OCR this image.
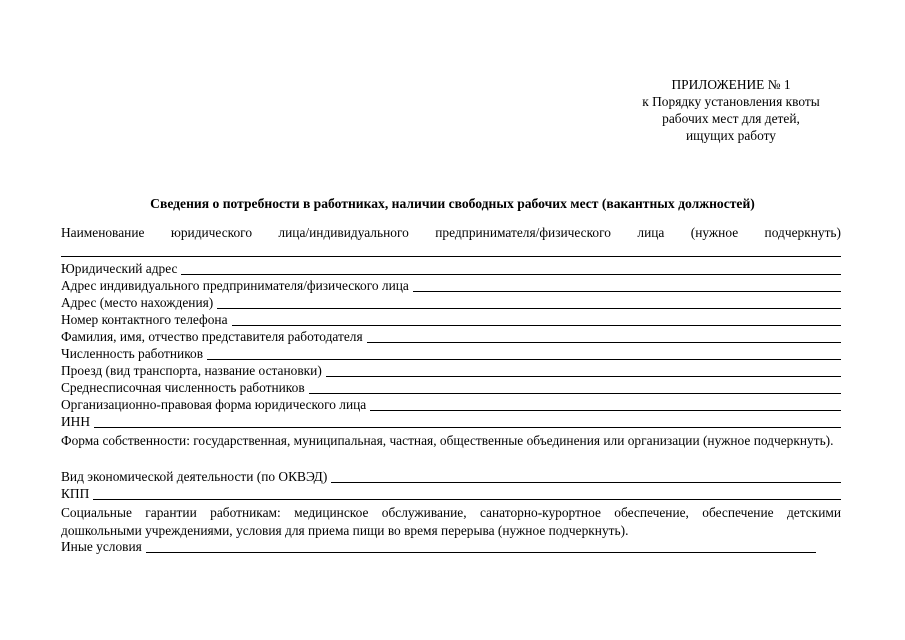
ПРИЛОЖЕНИЕ № 1
к Порядку установления квоты
рабочих мест для детей,
ищущих работу
Сведения о потребности в работниках, наличии свободных рабочих мест (вакантных должностей)
Наименование юридического лица/индивидуального предпринимателя/физического лица (нужное подчеркнуть)
Юридический адрес
Адрес индивидуального предпринимателя/физического лица
Адрес (место нахождения)
Номер контактного телефона
Фамилия, имя, отчество представителя работодателя
Численность работников
Проезд (вид транспорта, название остановки)
Среднесписочная численность работников
Организационно-правовая форма юридического лица
ИНН
Форма собственности: государственная, муниципальная, частная, общественные объединения или организации (нужное подчеркнуть).
Вид экономической деятельности (по ОКВЭД)
КПП
Социальные гарантии работникам: медицинское обслуживание, санаторно-курортное обеспечение, обеспечение детскими дошкольными учреждениями, условия для приема пищи во время перерыва (нужное подчеркнуть).
Иные условия
